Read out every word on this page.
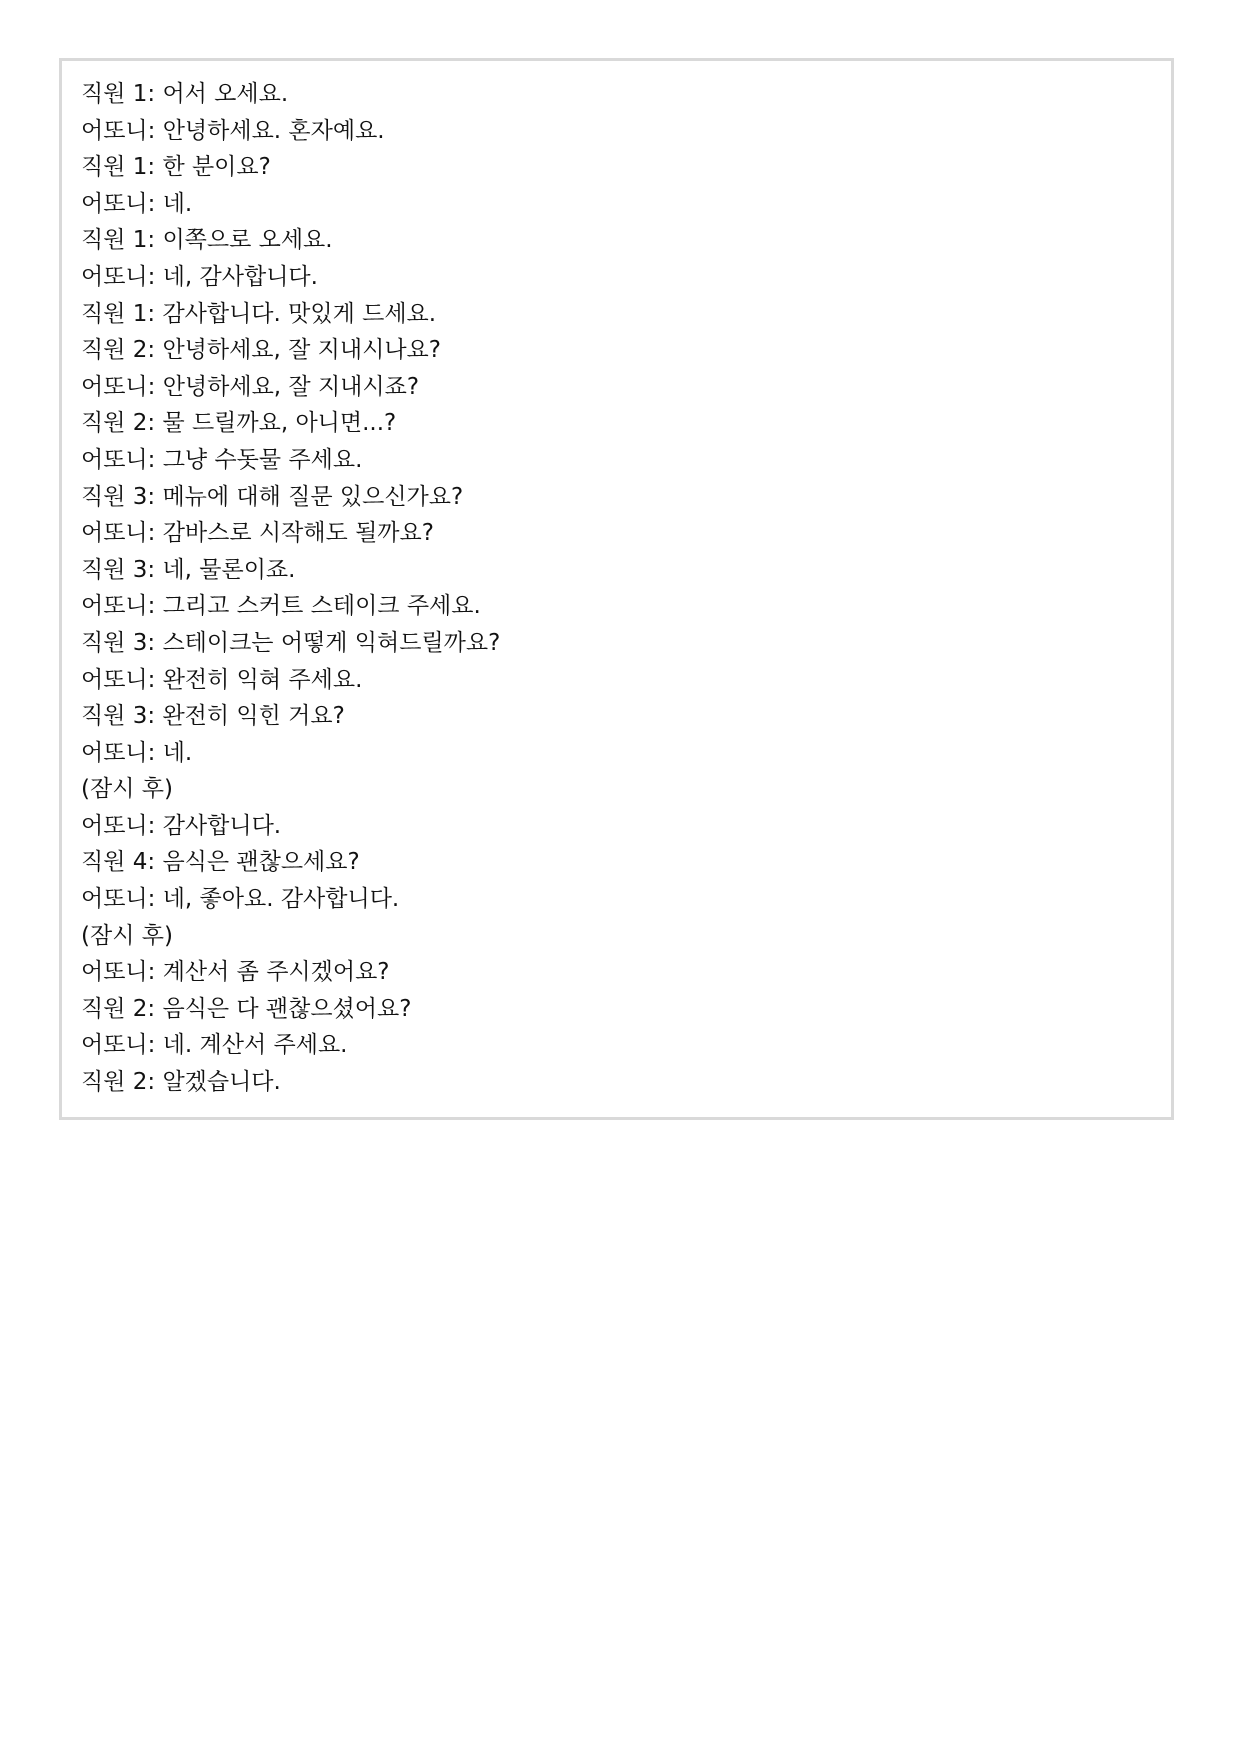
직원 1: 어서 오세요.
어또니: 안녕하세요. 혼자예요.
직원 1: 한 분이요?
어또니: 네.
직원 1: 이쪽으로 오세요.
어또니: 네, 감사합니다.
직원 1: 감사합니다. 맛있게 드세요.
직원 2: 안녕하세요, 잘 지내시나요?
어또니: 안녕하세요, 잘 지내시죠?
직원 2: 물 드릴까요, 아니면...?
어또니: 그냥 수돗물 주세요.
직원 3: 메뉴에 대해 질문 있으신가요?
어또니: 감바스로 시작해도 될까요?
직원 3: 네, 물론이죠.
어또니: 그리고 스커트 스테이크 주세요.
직원 3: 스테이크는 어떻게 익혀드릴까요?
어또니: 완전히 익혀 주세요.
직원 3: 완전히 익힌 거요?
어또니: 네.
(잠시 후)
어또니: 감사합니다.
직원 4: 음식은 괜찮으세요?
어또니: 네, 좋아요. 감사합니다.
(잠시 후)
어또니: 계산서 좀 주시겠어요?
직원 2: 음식은 다 괜찮으셨어요?
어또니: 네. 계산서 주세요.
직원 2: 알겠습니다.
